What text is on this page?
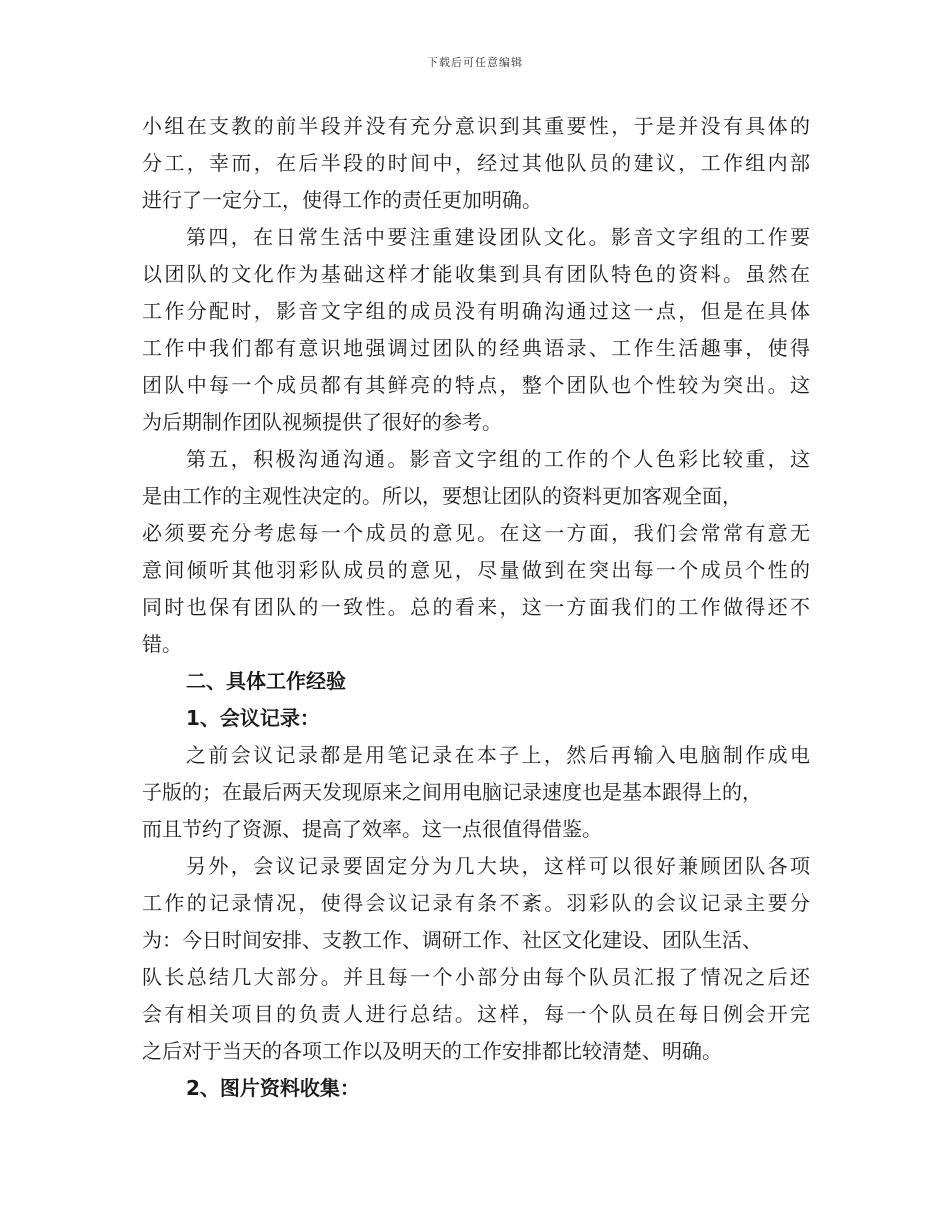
下载后可任意编辑
小组在支教的前半段并没有充分意识到其重要性，于是并没有具体的
分工，幸而，在后半段的时间中，经过其他队员的建议，工作组内部
进行了一定分工，使得工作的责任更加明确。
第四，在日常生活中要注重建设团队文化。影音文字组的工作要
以团队的文化作为基础这样才能收集到具有团队特色的资料。虽然在
工作分配时，影音文字组的成员没有明确沟通过这一点，但是在具体
工作中我们都有意识地强调过团队的经典语录、工作生活趣事，使得
团队中每一个成员都有其鲜亮的特点，整个团队也个性较为突出。这
为后期制作团队视频提供了很好的参考。
第五，积极沟通沟通。影音文字组的工作的个人色彩比较重，这
是由工作的主观性决定的。所以，要想让团队的资料更加客观全面，
必须要充分考虑每一个成员的意见。在这一方面，我们会常常有意无
意间倾听其他羽彩队成员的意见，尽量做到在突出每一个成员个性的
同时也保有团队的一致性。总的看来，这一方面我们的工作做得还不
错。
二、具体工作经验
1、会议记录：
之前会议记录都是用笔记录在本子上，然后再输入电脑制作成电
子版的；在最后两天发现原来之间用电脑记录速度也是基本跟得上的，
而且节约了资源、提高了效率。这一点很值得借鉴。
另外，会议记录要固定分为几大块，这样可以很好兼顾团队各项
工作的记录情况，使得会议记录有条不紊。羽彩队的会议记录主要分
为：今日时间安排、支教工作、调研工作、社区文化建设、团队生活、
队长总结几大部分。并且每一个小部分由每个队员汇报了情况之后还
会有相关项目的负责人进行总结。这样，每一个队员在每日例会开完
之后对于当天的各项工作以及明天的工作安排都比较清楚、明确。
2、图片资料收集：
